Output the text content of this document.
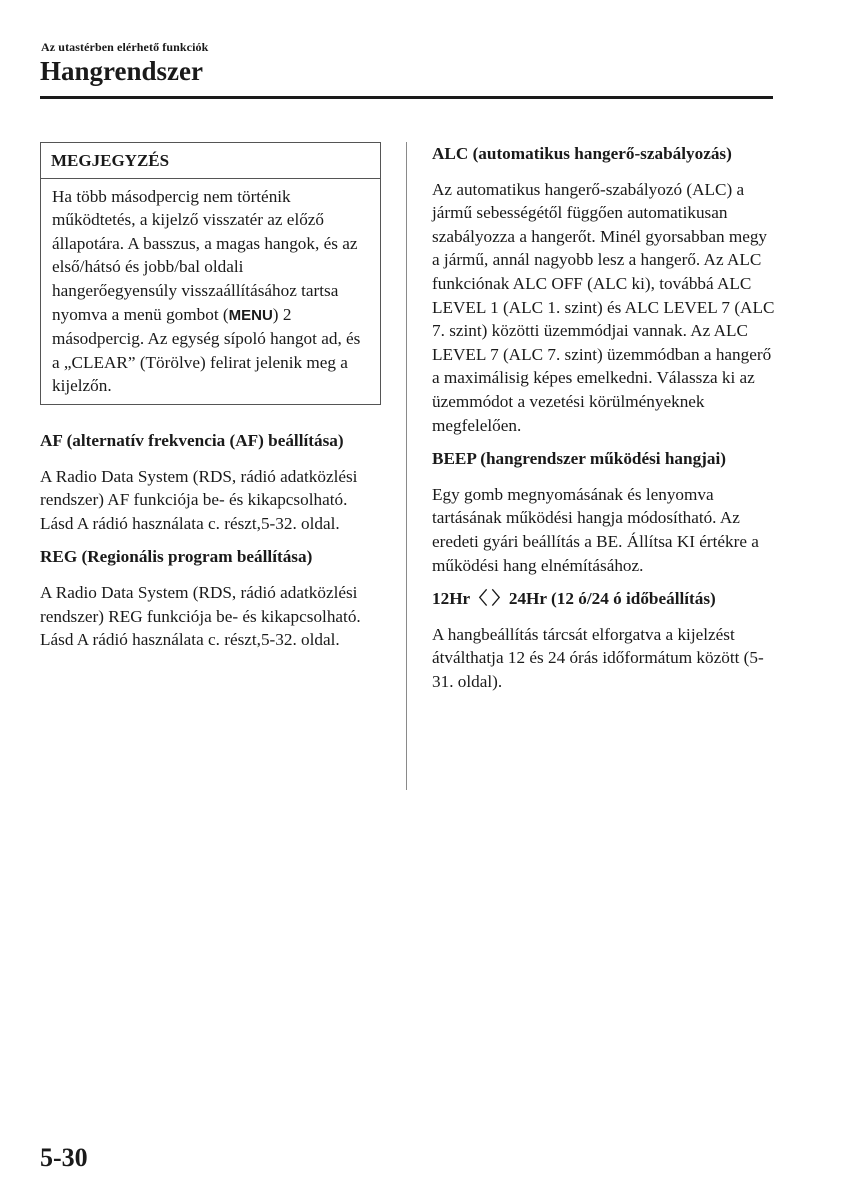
Az utastérben elérhető funkciók
Hangrendszer
MEGJEGYZÉS
Ha több másodpercig nem történik működtetés, a kijelző visszatér az előző állapotára. A basszus, a magas hangok, és az első/hátsó és jobb/bal oldali hangerőegyensúly visszaállításához tartsa nyomva a menü gombot (MENU) 2 másodpercig. Az egység sípoló hangot ad, és a „CLEAR” (Törölve) felirat jelenik meg a kijelzőn.

AF (alternatív frekvencia (AF) beállítása)

A Radio Data System (RDS, rádió adatközlési rendszer) AF funkciója be- és kikapcsolható.

Lásd A rádió használata c. részt,5-32. oldal.

REG (Regionális program beállítása)

A Radio Data System (RDS, rádió adatközlési rendszer) REG funkciója be- és kikapcsolható.

Lásd A rádió használata c. részt,5-32. oldal.

ALC (automatikus hangerő-szabályozás)

Az automatikus hangerő-szabályozó (ALC) a jármű sebességétől függően automatikusan szabályozza a hangerőt. Minél gyorsabban megy a jármű, annál nagyobb lesz a hangerő. Az ALC funkciónak ALC OFF (ALC ki), továbbá ALC LEVEL 1 (ALC 1. szint) és ALC LEVEL 7 (ALC 7. szint) közötti üzemmódjai vannak. Az ALC LEVEL 7 (ALC 7. szint) üzemmódban a hangerő a maximálisig képes emelkedni. Válassza ki az üzemmódot a vezetési körülményeknek megfelelően.

BEEP (hangrendszer működési hangjai)

Egy gomb megnyomásának és lenyomva tartásának működési hangja módosítható. Az eredeti gyári beállítás a BE. Állítsa KI értékre a működési hang elnémításához.

12Hr〈 〉24Hr (12 ó/24 ó időbeállítás)

A hangbeállítás tárcsát elforgatva a kijelzést átválthatja 12 és 24 órás időformátum között (5-31. oldal).

5-30
